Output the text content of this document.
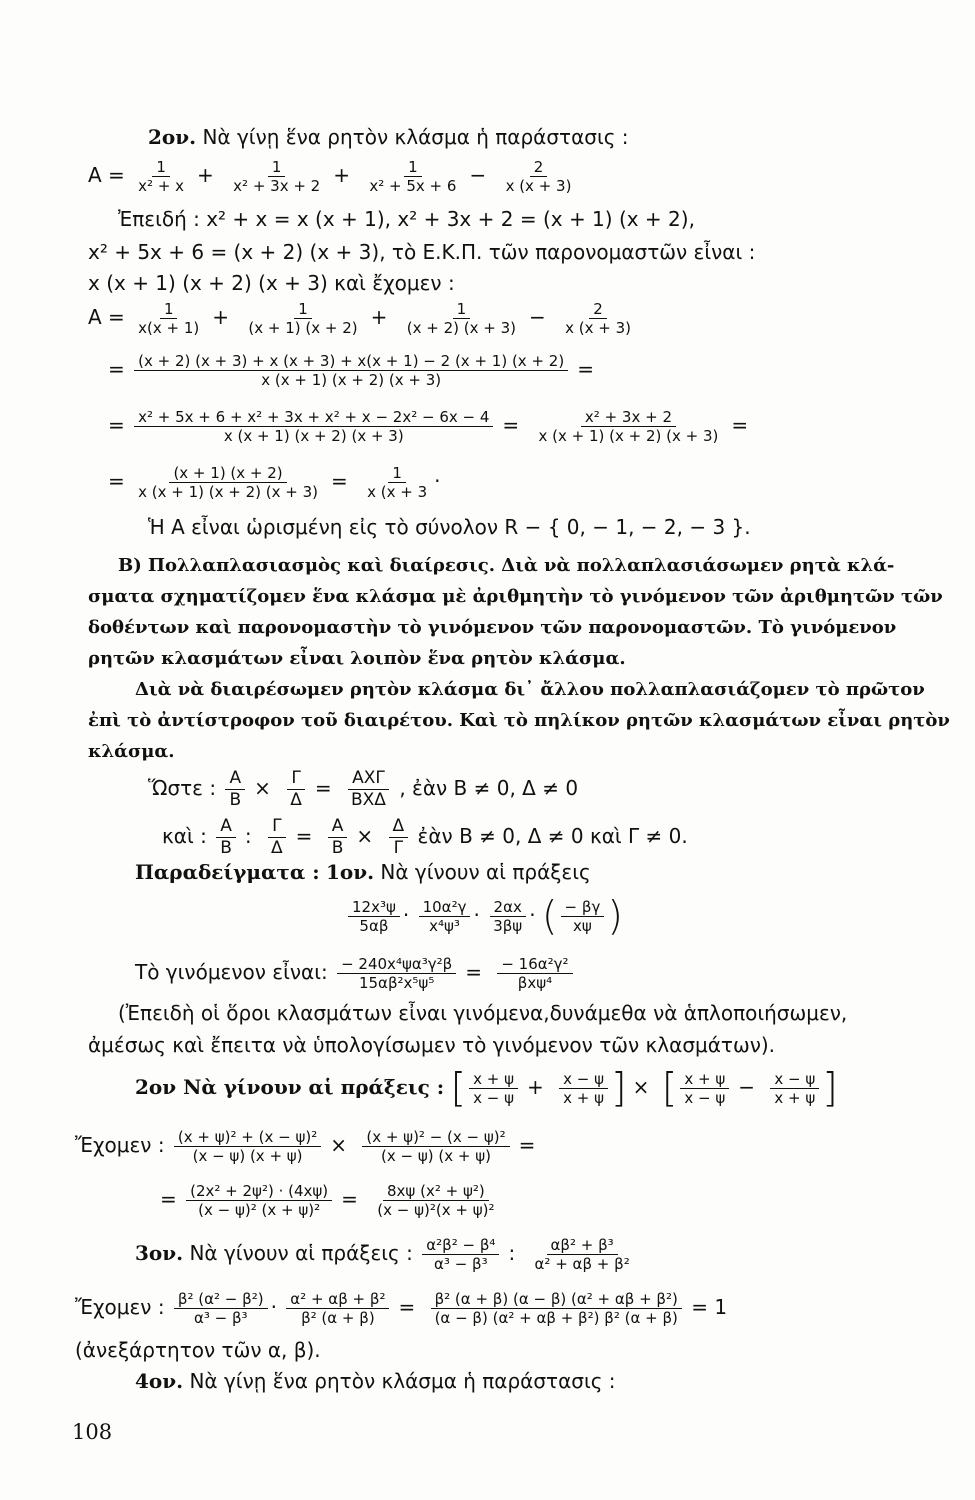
2ον. Νὰ γίνῃ ἕνα ρητὸν κλάσμα ἡ παράστασις :
$A = \frac{1}{\text{x² + x}} + \frac{1}{\text{x² + 3x + 2}} + \frac{1}{\text{x² + 5x + 6}} - \frac{2}{x (x + 3)}$
Ἐπειδή : x² + x = x (x + 1), x² + 3x + 2 = (x + 1) (x + 2),
x² + 5x + 6 = (x + 2) (x + 3), τὸ Ε.Κ.Π. τῶν παρονομαστῶν εἶναι :
x (x + 1) (x + 2) (x + 3) καὶ ἔχομεν :
$A = \frac{1}{x(x + 1)} + \frac{1}{(x + 1) (x + 2)} + \frac{1}{(x + 2) (x + 3)} - \frac{2}{x (x + 3)}$
= $\frac{(x + 2) (x + 3) + x (x + 3) + x(x + 1) - 2 (x + 1) (x + 2)}{x (x + 1) (x + 2) (x + 3)}$ =
= $\frac{\text{x² + 5x + 6 + x² + 3x + x² + x − 2x² − 6x − 4}}{x (x + 1) (x + 2) (x + 3)} = \frac{\text{x² + 3x + 2}}{x (x + 1) (x + 2) (x + 3)}$ =
= $\frac{(x + 1) (x + 2)}{x (x + 1) (x + 2) (x + 3)} = \frac{1}{x (x + 3}$ ·
Ἡ Α εἶναι ὡρισμένη εἰς τὸ σύνολον R − { 0, − 1, − 2, − 3 }.
Β) Πολλαπλασιασμὸς καὶ διαίρεσις. Διὰ νὰ πολλαπλασιάσωμεν ρητὰ κλά-
σματα σχηματίζομεν ἕνα κλάσμα μὲ ἀριθμητὴν τὸ γινόμενον τῶν ἀριθμητῶν τῶν
δοθέντων καὶ παρονομαστὴν τὸ γινόμενον τῶν παρονομαστῶν. Τὸ γινόμενον
ρητῶν κλασμάτων εἶναι λοιπὸν ἕνα ρητὸν κλάσμα.
Διὰ νὰ διαιρέσωμεν ρητὸν κλάσμα δι᾽ ἄλλου πολλαπλασιάζομεν τὸ πρῶτον
ἐπὶ τὸ ἀντίστροφον τοῦ διαιρέτου. Καὶ τὸ πηλίκον ρητῶν κλασμάτων εἶναι ρητὸν
κλάσμα.
Ὥστε : $\frac{A}{B} \times \frac{\Gamma}{\Delta} = \frac{\text{ΑΧΓ}}{\text{ΒΧΔ}}$ , ἐὰν Β ≠ 0, Δ ≠ 0
καὶ : $\frac{A}{B}$ : $\frac{\Gamma}{\Delta} = \frac{A}{B} \times \frac{\Delta}{\Gamma}$ ἐὰν Β ≠ 0, Δ ≠ 0 καὶ Γ ≠ 0.
Παραδείγματα : 1ον. Νὰ γίνουν αἱ πράξεις
$\frac{\text{12x³ψ}}{5\alpha\beta} \cdot \frac{\text{10α²γ}}{\text{x⁴ψ³}} \cdot \frac{2\alpha x}{3\beta\psi}$ · ( $\frac{- \beta\gamma}{x\psi}$ )
Τὸ γινόμενον εἶναι: $\frac{\text{− 240x⁴ψα³γ²β}}{\text{15αβ²x⁵ψ⁵}} = \frac{\text{− 16α²γ²}}{\text{βxψ⁴}}$
(Ἐπειδὴ οἱ ὅροι κλασμάτων εἶναι γινόμενα,δυνάμεθα νὰ ἁπλοποιήσωμεν,
ἀμέσως καὶ ἔπειτα νὰ ὑπολογίσωμεν τὸ γινόμενον τῶν κλασμάτων).
2ον Νὰ γίνουν αἱ πράξεις : [ $\frac{x + \psi}{x - \psi} + \frac{x - \psi}{x + \psi}$ ] × [ $\frac{x + \psi}{x - \psi} - \frac{x - \psi}{x + \psi}$ ]
Ἔχομεν : $\frac{\text{(x + ψ)² + (x − ψ)²}}{(x - \psi) (x + \psi)} \times \frac{\text{(x + ψ)² − (x − ψ)²}}{(x - \psi) (x + \psi)}$ =
= $\frac{\text{(2x² + 2ψ²) · (4xψ)}}{\text{(x − ψ)² (x + ψ)²}} = \frac{\text{8xψ (x² + ψ²)}}{\text{(x − ψ)²(x + ψ)²}}$
3ον. Νὰ γίνουν αἱ πράξεις : $\frac{\text{α²β² − β⁴}}{\text{α³ − β³}}$ : $\frac{\text{αβ² + β³}}{\text{α² + αβ + β²}}$
Ἔχομεν : $\frac{\text{β² (α² − β²)}}{\text{α³ − β³}} \cdot \frac{\text{α² + αβ + β²}}{\text{β² (α + β)}} = \frac{\text{β² (α + β) (α − β) (α² + αβ + β²)}}{\text{(α − β) (α² + αβ + β²) β² (α + β)}} = 1$
(ἀνεξάρτητον τῶν α, β).
4ον. Νὰ γίνῃ ἕνα ρητὸν κλάσμα ἡ παράστασις :
108
